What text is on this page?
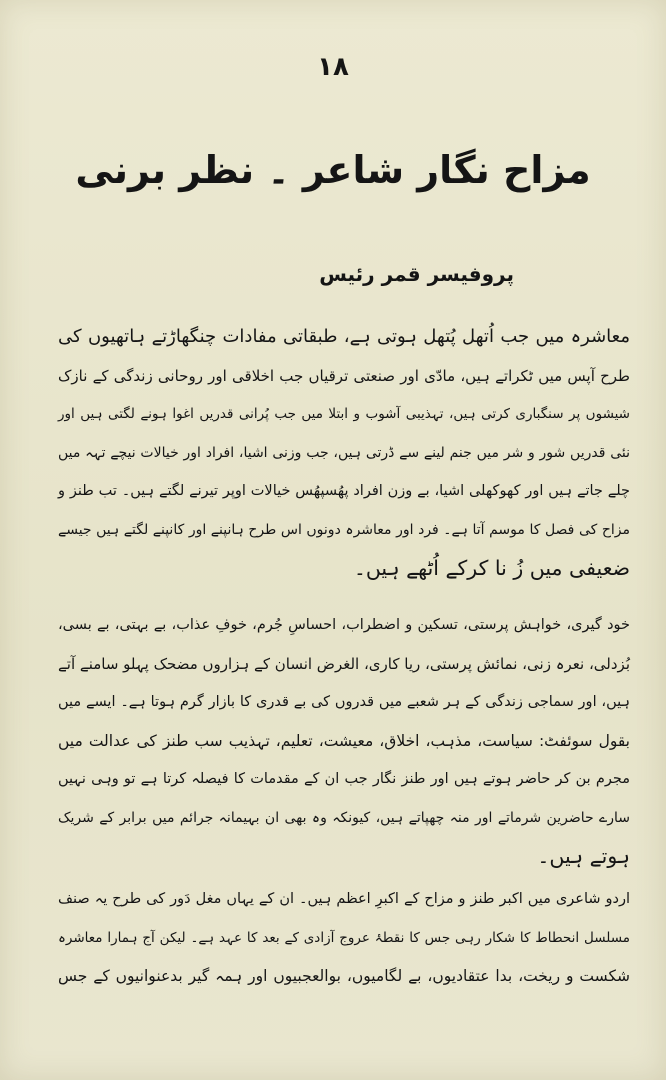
۱۸
مزاح نگار شاعر ۔ نظر برنی
پروفیسر قمر رئیس
معاشرہ میں جب اُتھل پُتھل ہوتی ہے، طبقاتی مفادات چنگھاڑتے ہاتھیوں کی
طرح آپس میں ٹکراتے ہیں، مادّی اور صنعتی ترقیاں جب اخلاقی اور روحانی زندگی کے نازک
شیشوں پر سنگباری کرتی ہیں، تہذیبی آشوب و ابتلا میں جب پُرانی قدریں اغوا ہونے لگتی ہیں اور
نئی قدریں شور و شر میں جنم لینے سے ڈرتی ہیں، جب وزنی اشیا، افراد اور خیالات نیچے تہہ میں
چلے جاتے ہیں اور کھوکھلی اشیا، بے وزن افراد پھُسپھُس خیالات اوپر تیرنے لگتے ہیں۔ تب طنز و
مزاح کی فصل کا موسم آتا ہے۔ فرد اور معاشرہ دونوں اس طرح ہانپنے اور کانپنے لگتے ہیں جیسے
ضعیفی میں زُ نا کرکے اُٹھے ہیں۔
خود گیری، خواہش پرستی، تسکین و اضطراب، احساسِ جُرم، خوفِ عذاب، بے بہتی، بے بسی،
بُزدلی، نعرہ زنی، نمائش پرستی، ریا کاری، الغرض انسان کے ہزاروں مضحک پہلو سامنے آتے
ہیں، اور سماجی زندگی کے ہر شعبے میں قدروں کی بے قدری کا بازار گرم ہوتا ہے۔ ایسے میں
بقول سوئفٹ: سیاست، مذہب، اخلاق، معیشت، تعلیم، تہذیب سب طنز کی عدالت میں
مجرم بن کر حاضر ہوتے ہیں اور طنز نگار جب ان کے مقدمات کا فیصلہ کرتا ہے تو وہی نہیں
سارے حاضرین شرماتے اور منہ چھپاتے ہیں، کیونکہ وہ بھی ان بہیمانہ جرائم میں برابر کے شریک
ہوتے ہیں۔
اردو شاعری میں اکبر طنز و مزاح کے اکبرِ اعظم ہیں۔ ان کے یہاں مغل دَور کی طرح یہ صنف
مسلسل انحطاط کا شکار رہی جس کا نقطۂ عروج آزادی کے بعد کا عہد ہے۔ لیکن آج ہمارا معاشرہ
شکست و ریخت، بدا عتقادیوں، بے لگامیوں، بوالعجبیوں اور ہمہ گیر بدعنوانیوں کے جس
